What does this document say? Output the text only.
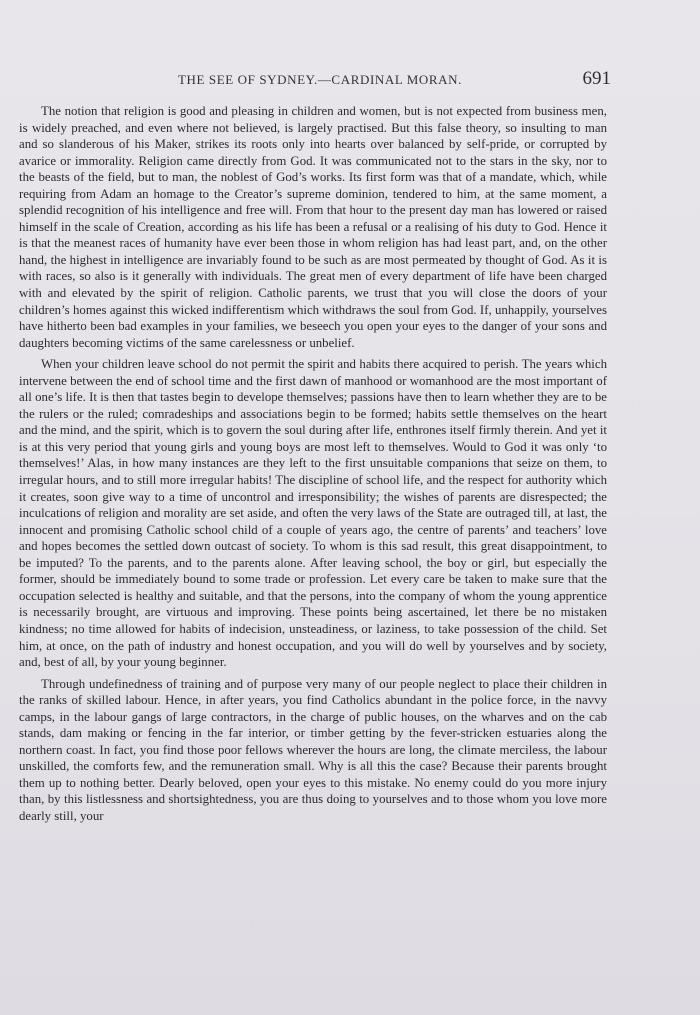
THE SEE OF SYDNEY.—CARDINAL MORAN.	691

The notion that religion is good and pleasing in children and women, but is not expected from business men, is widely preached, and even where not believed, is largely practised. But this false theory, so insulting to man and so slanderous of his Maker, strikes its roots only into hearts over balanced by self-pride, or corrupted by avarice or immorality. Religion came directly from God. It was communicated not to the stars in the sky, nor to the beasts of the field, but to man, the noblest of God’s works. Its first form was that of a mandate, which, while requiring from Adam an homage to the Creator’s supreme dominion, tendered to him, at the same moment, a splendid recognition of his intelligence and free will. From that hour to the present day man has lowered or raised himself in the scale of Creation, according as his life has been a refusal or a realising of his duty to God. Hence it is that the meanest races of humanity have ever been those in whom religion has had least part, and, on the other hand, the highest in intelligence are invariably found to be such as are most permeated by thought of God. As it is with races, so also is it generally with individuals. The great men of every department of life have been charged with and elevated by the spirit of religion. Catholic parents, we trust that you will close the doors of your children’s homes against this wicked indifferentism which withdraws the soul from God. If, unhappily, yourselves have hitherto been bad examples in your families, we beseech you open your eyes to the danger of your sons and daughters becoming victims of the same carelessness or unbelief.

When your children leave school do not permit the spirit and habits there acquired to perish. The years which intervene between the end of school time and the first dawn of manhood or womanhood are the most important of all one’s life. It is then that tastes begin to develope themselves; passions have then to learn whether they are to be the rulers or the ruled; comradeships and associations begin to be formed; habits settle themselves on the heart and the mind, and the spirit, which is to govern the soul during after life, enthrones itself firmly therein. And yet it is at this very period that young girls and young boys are most left to themselves. Would to God it was only ‘to themselves!’ Alas, in how many instances are they left to the first unsuitable companions that seize on them, to irregular hours, and to still more irregular habits! The discipline of school life, and the respect for authority which it creates, soon give way to a time of uncontrol and irresponsibility; the wishes of parents are disrespected; the inculcations of religion and morality are set aside, and often the very laws of the State are outraged till, at last, the innocent and promising Catholic school child of a couple of years ago, the centre of parents’ and teachers’ love and hopes becomes the settled down outcast of society. To whom is this sad result, this great disappointment, to be imputed? To the parents, and to the parents alone. After leaving school, the boy or girl, but especially the former, should be immediately bound to some trade or profession. Let every care be taken to make sure that the occupation selected is healthy and suitable, and that the persons, into the company of whom the young apprentice is necessarily brought, are virtuous and improving. These points being ascertained, let there be no mistaken kindness; no time allowed for habits of indecision, unsteadiness, or laziness, to take possession of the child. Set him, at once, on the path of industry and honest occupation, and you will do well by yourselves and by society, and, best of all, by your young beginner.

Through undefinedness of training and of purpose very many of our people neglect to place their children in the ranks of skilled labour. Hence, in after years, you find Catholics abundant in the police force, in the navvy camps, in the labour gangs of large contractors, in the charge of public houses, on the wharves and on the cab stands, dam making or fencing in the far interior, or timber getting by the fever-stricken estuaries along the northern coast. In fact, you find those poor fellows wherever the hours are long, the climate merciless, the labour unskilled, the comforts few, and the remuneration small. Why is all this the case? Because their parents brought them up to nothing better. Dearly beloved, open your eyes to this mistake. No enemy could do you more injury than, by this listlessness and shortsightedness, you are thus doing to yourselves and to those whom you love more dearly still, your
